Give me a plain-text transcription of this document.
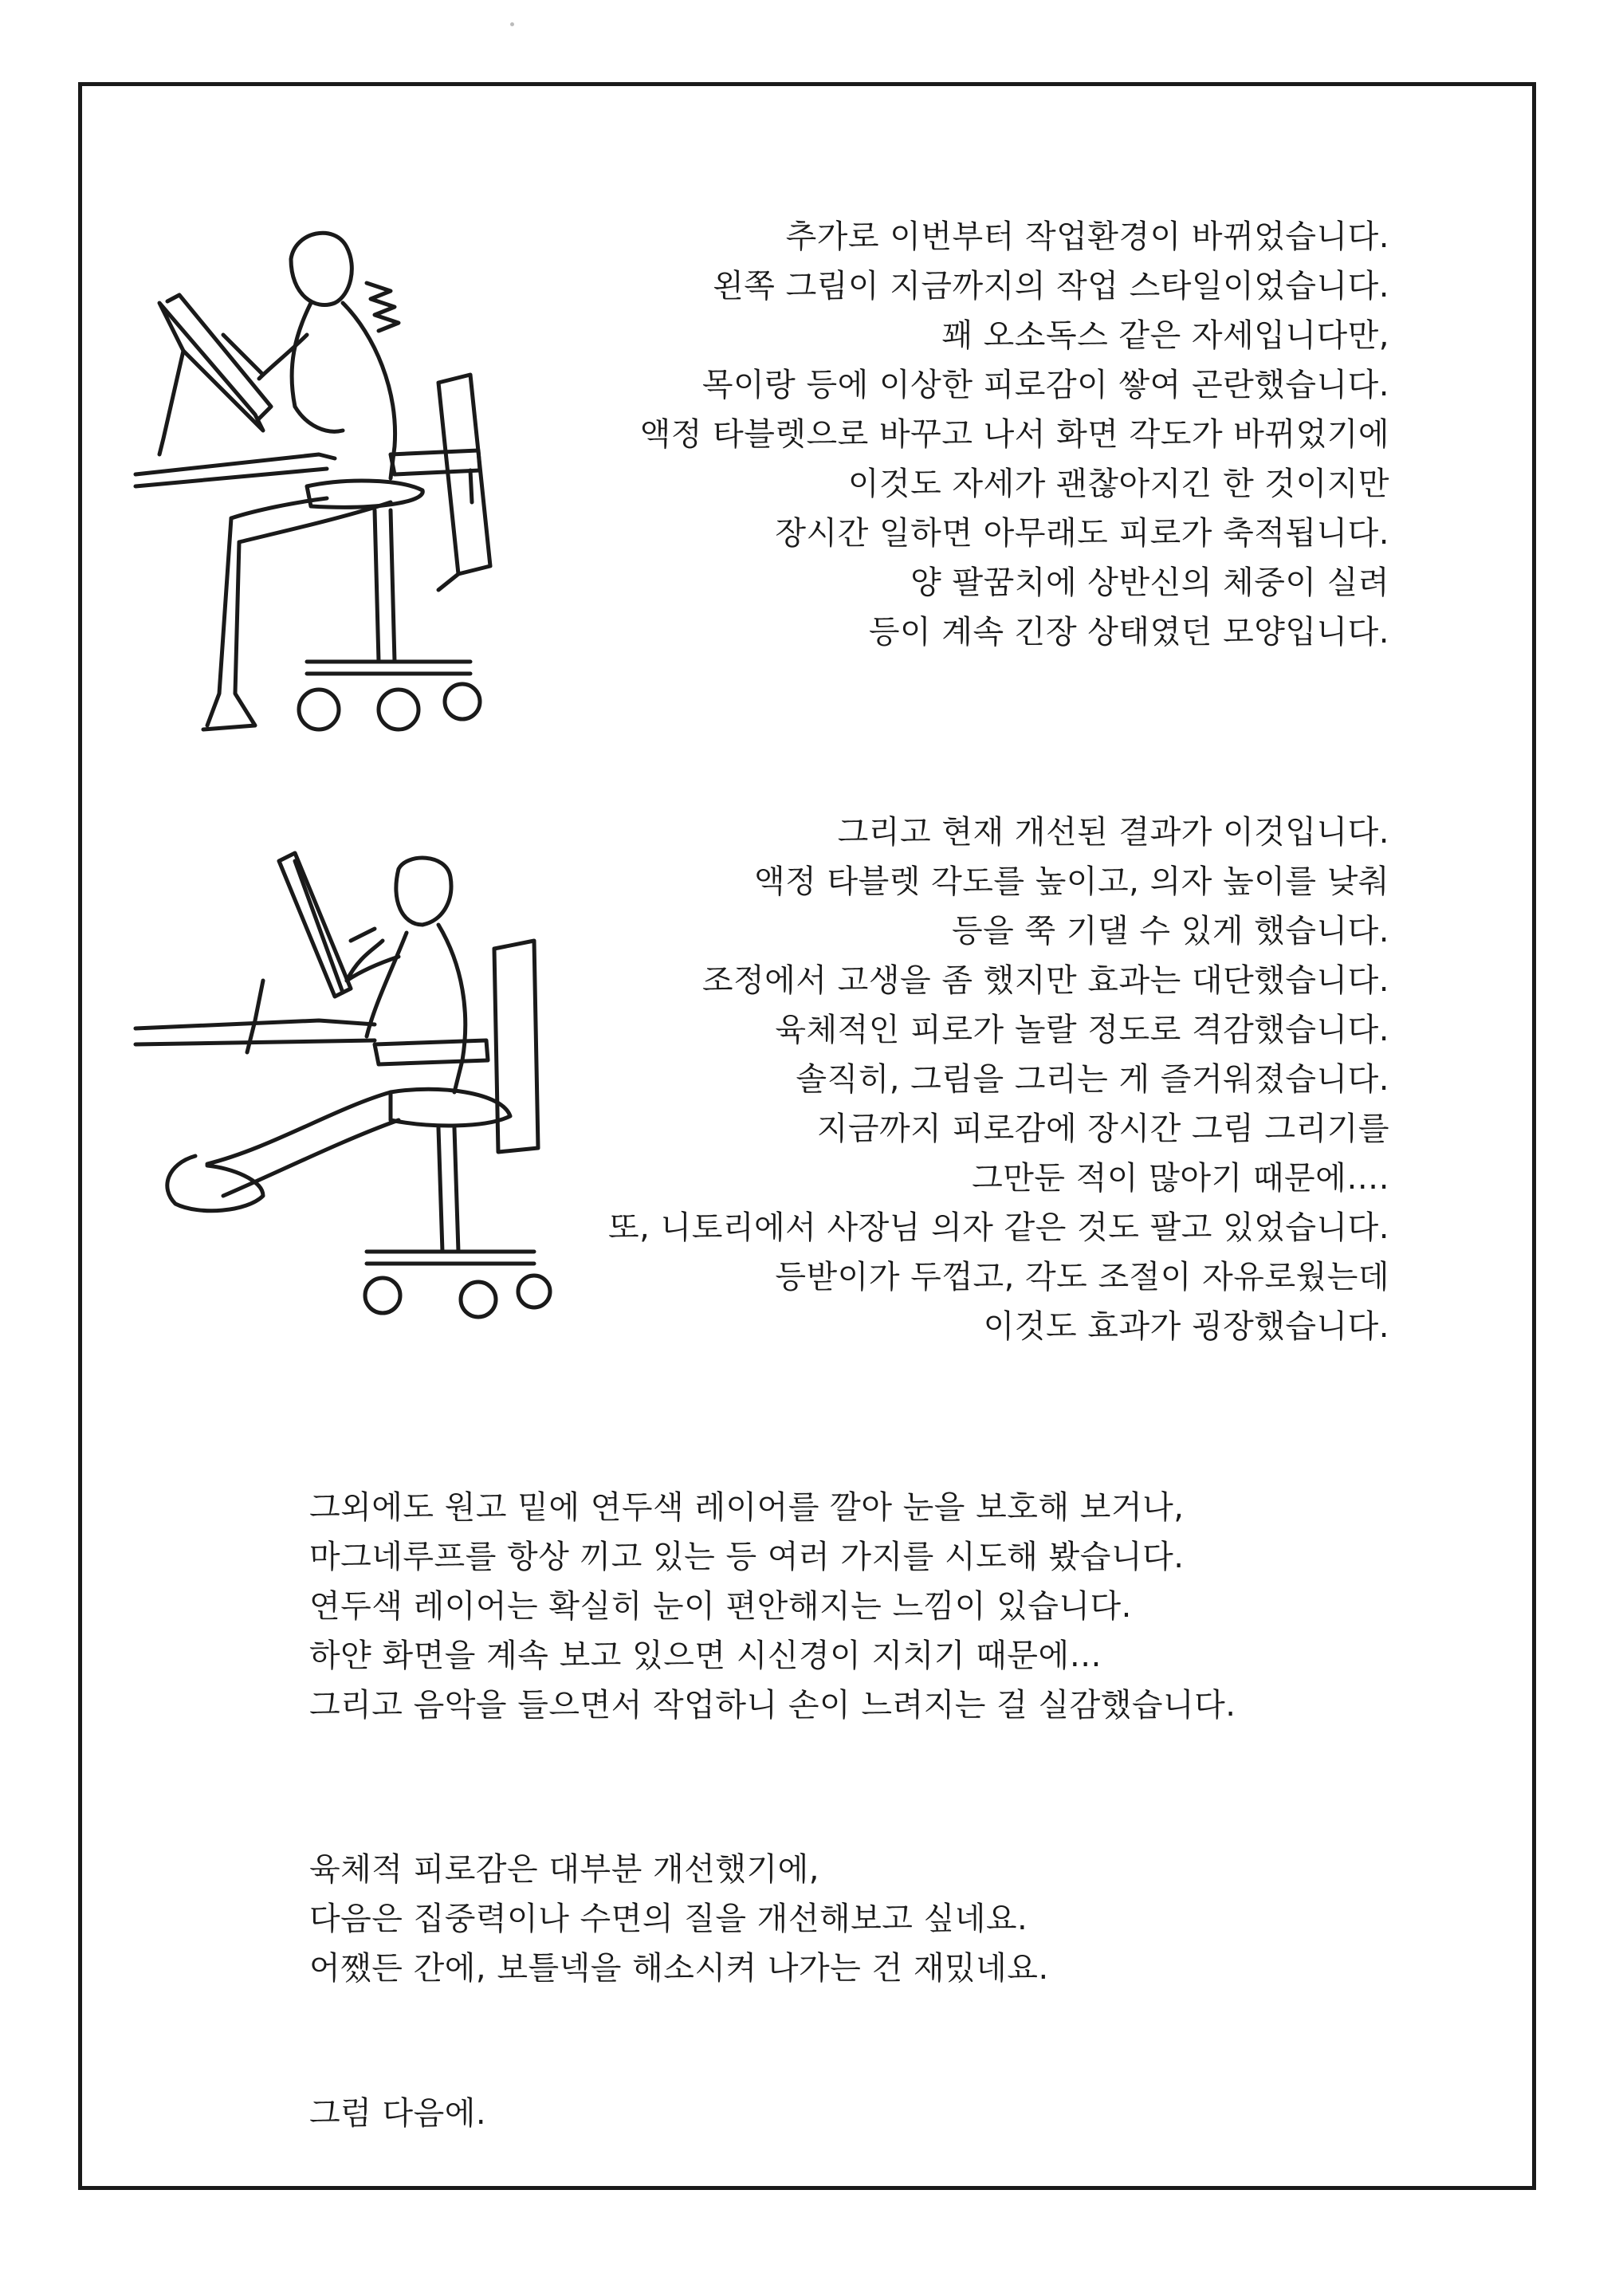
추가로 이번부터 작업환경이 바뀌었습니다.
왼쪽 그림이 지금까지의 작업 스타일이었습니다.
꽤 오소독스 같은 자세입니다만,
목이랑 등에 이상한 피로감이 쌓여 곤란했습니다.
액정 타블렛으로 바꾸고 나서 화면 각도가 바뀌었기에
이것도 자세가 괜찮아지긴 한 것이지만
장시간 일하면 아무래도 피로가 축적됩니다.
양 팔꿈치에 상반신의 체중이 실려
등이 계속 긴장 상태였던 모양입니다.
그리고 현재 개선된 결과가 이것입니다.
액정 타블렛 각도를 높이고, 의자 높이를 낮춰
등을 쭉 기댈 수 있게 했습니다.
조정에서 고생을 좀 했지만 효과는 대단했습니다.
육체적인 피로가 놀랄 정도로 격감했습니다.
솔직히, 그림을 그리는 게 즐거워졌습니다.
지금까지 피로감에 장시간 그림 그리기를
그만둔 적이 많아기 때문에….
또, 니토리에서 사장님 의자 같은 것도 팔고 있었습니다.
등받이가 두껍고, 각도 조절이 자유로웠는데
이것도 효과가 굉장했습니다.
그외에도 원고 밑에 연두색 레이어를 깔아 눈을 보호해 보거나,
마그네루프를 항상 끼고 있는 등 여러 가지를 시도해 봤습니다.
연두색 레이어는 확실히 눈이 편안해지는 느낌이 있습니다.
하얀 화면을 계속 보고 있으면 시신경이 지치기 때문에…
그리고 음악을 들으면서 작업하니 손이 느려지는 걸 실감했습니다.
육체적 피로감은 대부분 개선했기에,
다음은 집중력이나 수면의 질을 개선해보고 싶네요.
어쨌든 간에, 보틀넥을 해소시켜 나가는 건 재밌네요.
그럼 다음에.
